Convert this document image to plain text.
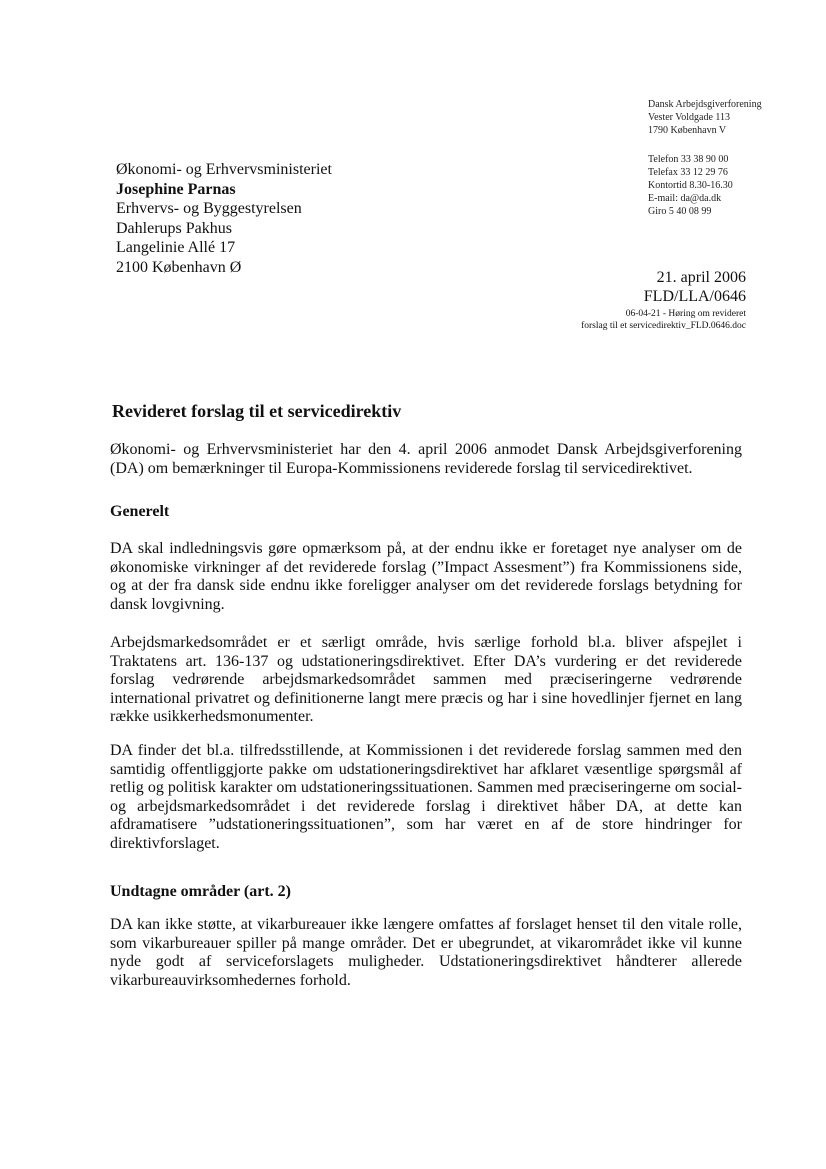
Dansk Arbejdsgiverforening
Vester Voldgade 113
1790 København V
Telefon 33 38 90 00
Telefax 33 12 29 76
Kontortid 8.30-16.30
E-mail: da@da.dk
Giro 5 40 08 99
Økonomi- og Erhvervsministeriet
Josephine Parnas
Erhvervs- og Byggestyrelsen
Dahlerups Pakhus
Langelinie Allé 17
2100 København Ø
21. april 2006
FLD/LLA/0646
06-04-21 - Høring om revideret
forslag til et servicedirektiv_FLD.0646.doc
Revideret forslag til et servicedirektiv
Økonomi- og Erhvervsministeriet har den 4. april 2006 anmodet Dansk Arbejdsgiverforening (DA) om bemærkninger til Europa-Kommissionens reviderede forslag til servicedirektivet.
Generelt
DA skal indledningsvis gøre opmærksom på, at der endnu ikke er foretaget nye analyser om de økonomiske virkninger af det reviderede forslag (”Impact Assesment”) fra Kommissionens side, og at der fra dansk side endnu ikke foreligger analyser om det reviderede forslags betydning for dansk lovgivning.
Arbejdsmarkedsområdet er et særligt område, hvis særlige forhold bl.a. bliver afspejlet i Traktatens art. 136-137 og udstationeringsdirektivet. Efter DA’s vurdering er det reviderede forslag vedrørende arbejdsmarkedsområdet sammen med præciseringerne vedrørende international privatret og definitionerne langt mere præcis og har i sine hovedlinjer fjernet en lang række usikkerhedsmonumenter.
DA finder det bl.a. tilfredsstillende, at Kommissionen i det reviderede forslag sammen med den samtidig offentliggjorte pakke om udstationeringsdirektivet har afklaret væsentlige spørgsmål af retlig og politisk karakter om udstationeringssituationen. Sammen med præciseringerne om social- og arbejdsmarkedsområdet i det reviderede forslag i direktivet håber DA, at dette kan afdramatisere ”udstationeringssituationen”, som har været en af de store hindringer for direktivforslaget.
Undtagne områder (art. 2)
DA kan ikke støtte, at vikarbureauer ikke længere omfattes af forslaget henset til den vitale rolle, som vikarbureauer spiller på mange områder. Det er ubegrundet, at vikarområdet ikke vil kunne nyde godt af serviceforslagets muligheder. Udstationeringsdirektivet håndterer allerede vikarbureauvirksomhedernes forhold.
